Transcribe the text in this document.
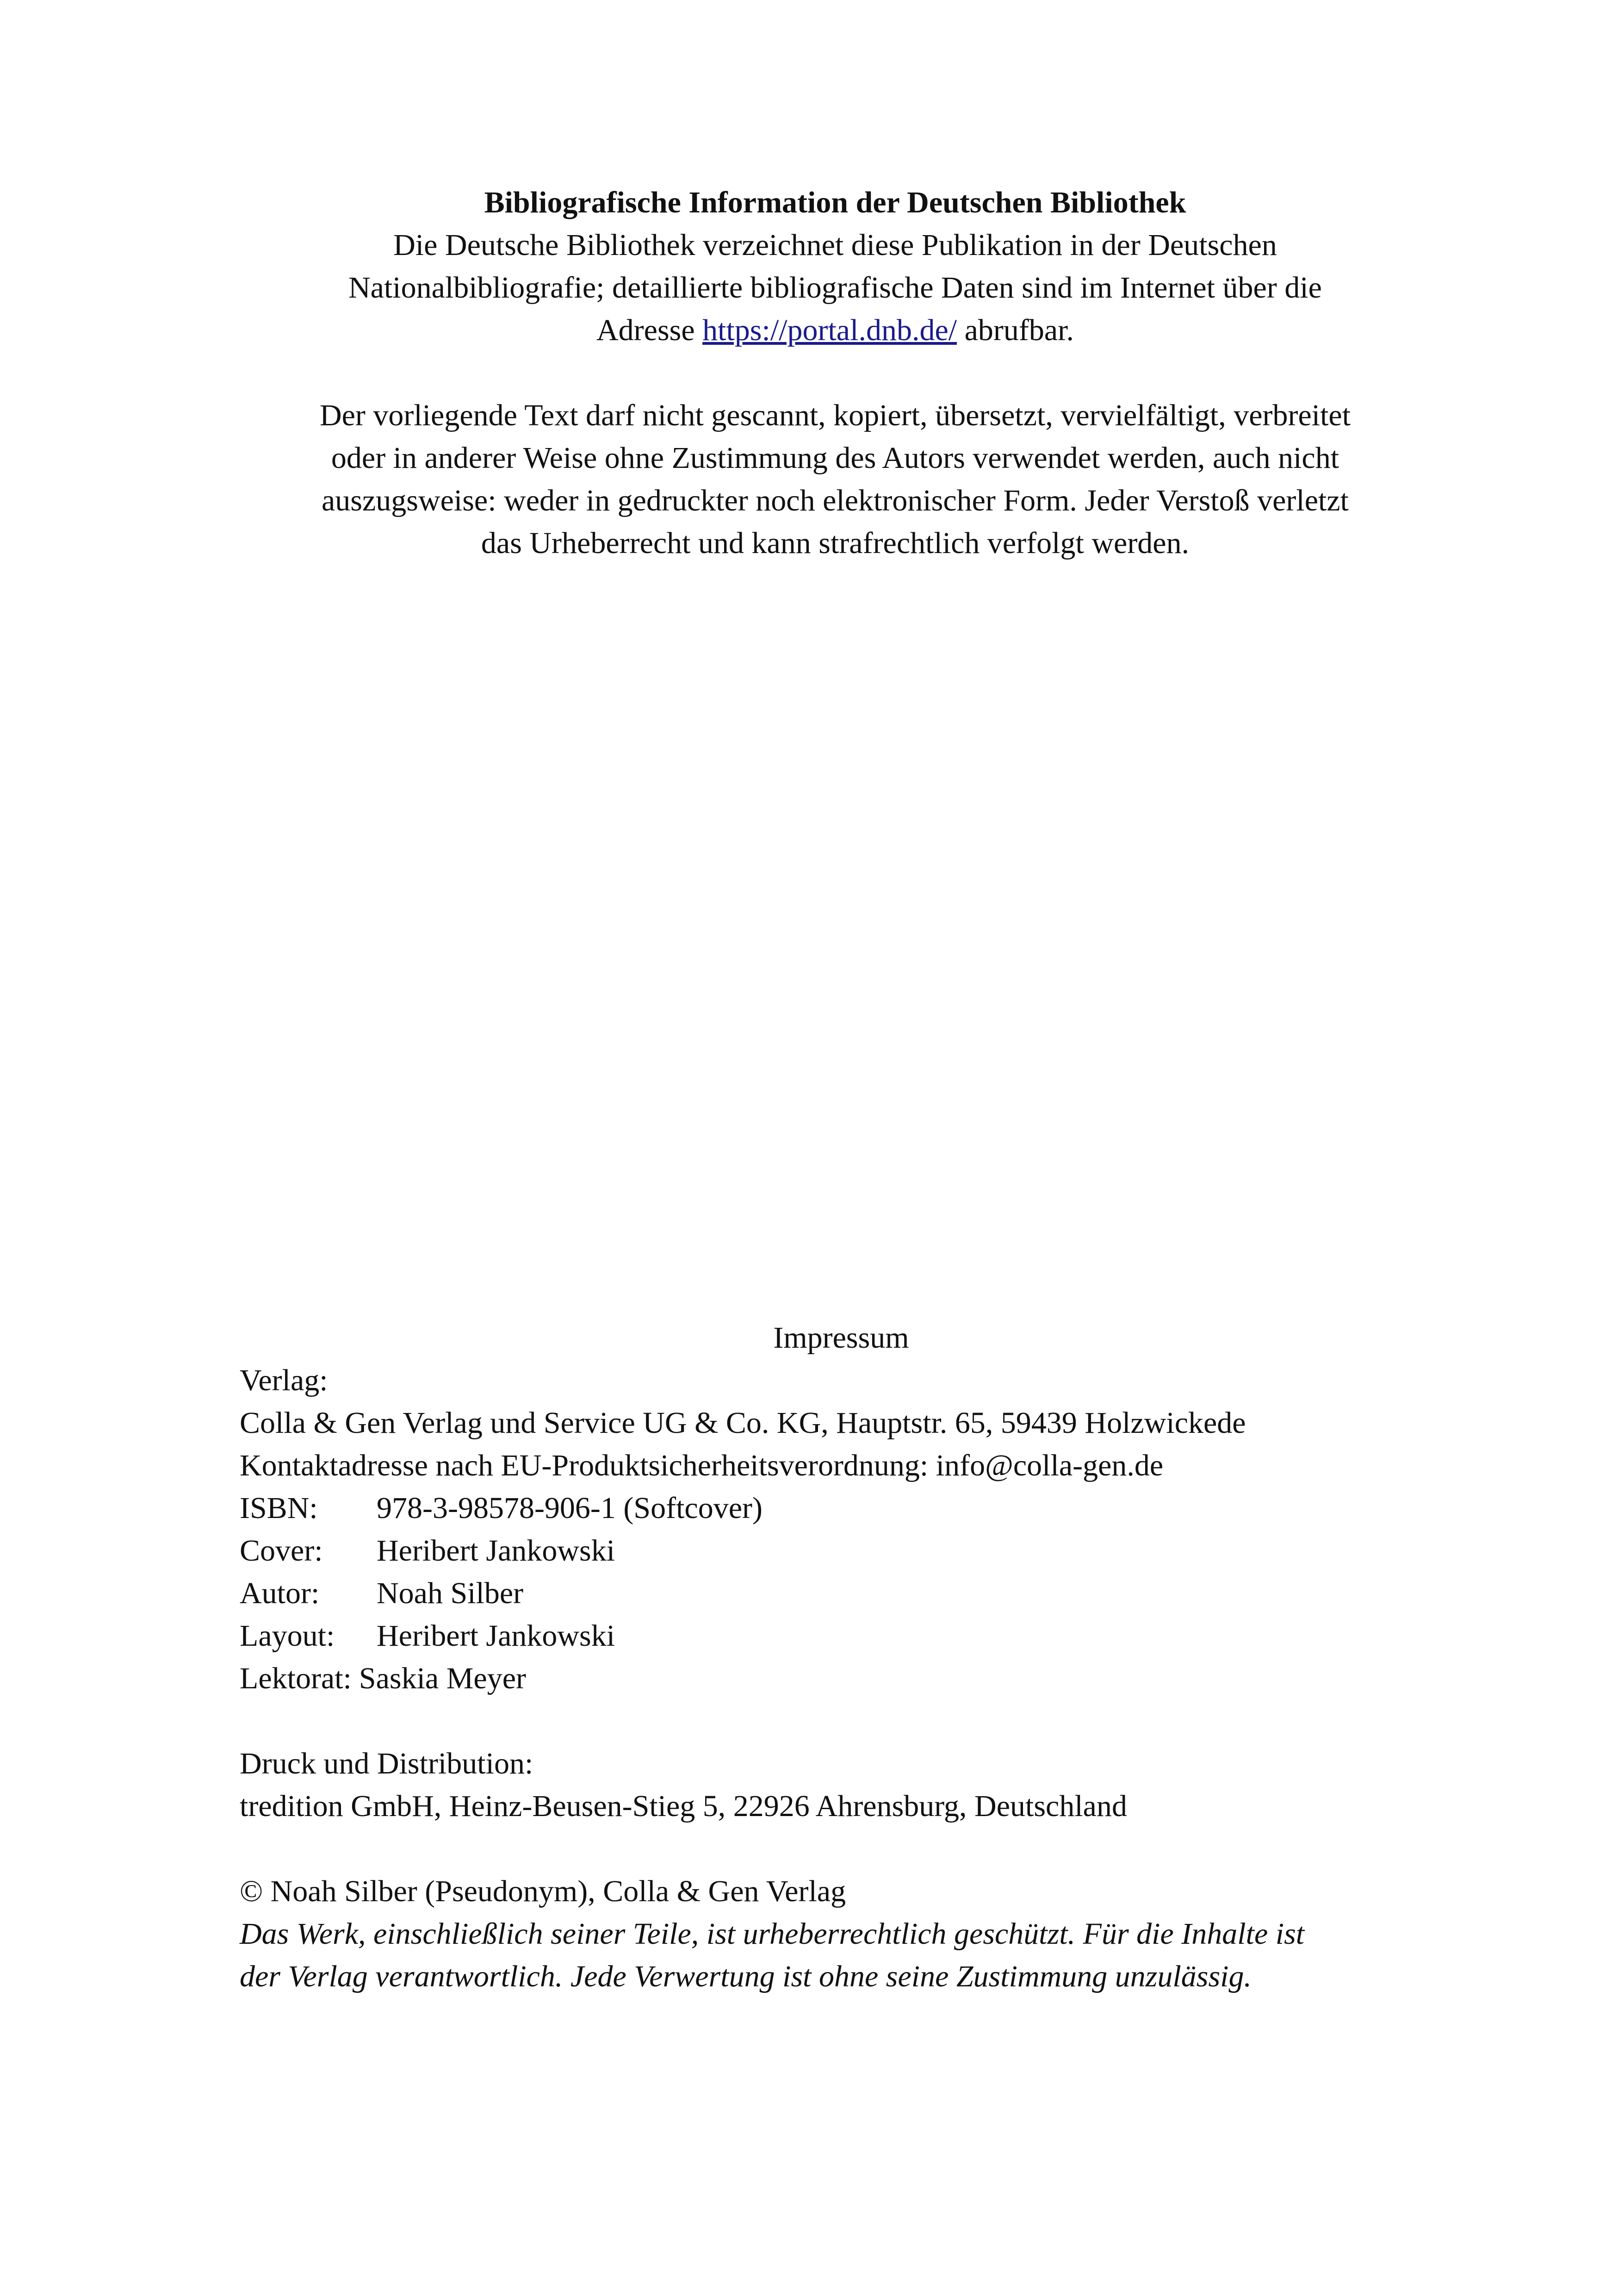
Bibliografische Information der Deutschen Bibliothek
Die Deutsche Bibliothek verzeichnet diese Publikation in der Deutschen
Nationalbibliografie; detaillierte bibliografische Daten sind im Internet über die
Adresse https://portal.dnb.de/ abrufbar.

Der vorliegende Text darf nicht gescannt, kopiert, übersetzt, vervielfältigt, verbreitet
oder in anderer Weise ohne Zustimmung des Autors verwendet werden, auch nicht
auszugsweise: weder in gedruckter noch elektronischer Form. Jeder Verstoß verletzt
das Urheberrecht und kann strafrechtlich verfolgt werden.

Impressum
Verlag:
Colla & Gen Verlag und Service UG & Co. KG, Hauptstr. 65, 59439 Holzwickede
Kontaktadresse nach EU-Produktsicherheitsverordnung: info@colla-gen.de
ISBN:	978-3-98578-906-1 (Softcover)
Cover:	Heribert Jankowski
Autor:	Noah Silber
Layout:	Heribert Jankowski
Lektorat: Saskia Meyer
Druck und Distribution:
tredition GmbH, Heinz-Beusen-Stieg 5, 22926 Ahrensburg, Deutschland
© Noah Silber (Pseudonym), Colla & Gen Verlag
Das Werk, einschließlich seiner Teile, ist urheberrechtlich geschützt. Für die Inhalte ist
der Verlag verantwortlich. Jede Verwertung ist ohne seine Zustimmung unzulässig.
